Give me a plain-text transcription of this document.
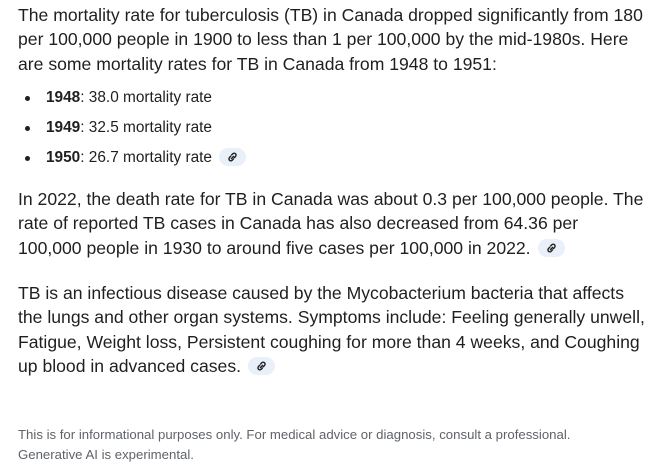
The mortality rate for tuberculosis (TB) in Canada dropped significantly from 180 per 100,000 people in 1900 to less than 1 per 100,000 by the mid-1980s. Here are some mortality rates for TB in Canada from 1948 to 1951:

1948: 38.0 mortality rate
1949: 32.5 mortality rate
1950: 26.7 mortality rate

In 2022, the death rate for TB in Canada was about 0.3 per 100,000 people. The rate of reported TB cases in Canada has also decreased from 64.36 per 100,000 people in 1930 to around five cases per 100,000 in 2022.

TB is an infectious disease caused by the Mycobacterium bacteria that affects the lungs and other organ systems. Symptoms include: Feeling generally unwell, Fatigue, Weight loss, Persistent coughing for more than 4 weeks, and Coughing up blood in advanced cases.

This is for informational purposes only. For medical advice or diagnosis, consult a professional.
Generative AI is experimental.
